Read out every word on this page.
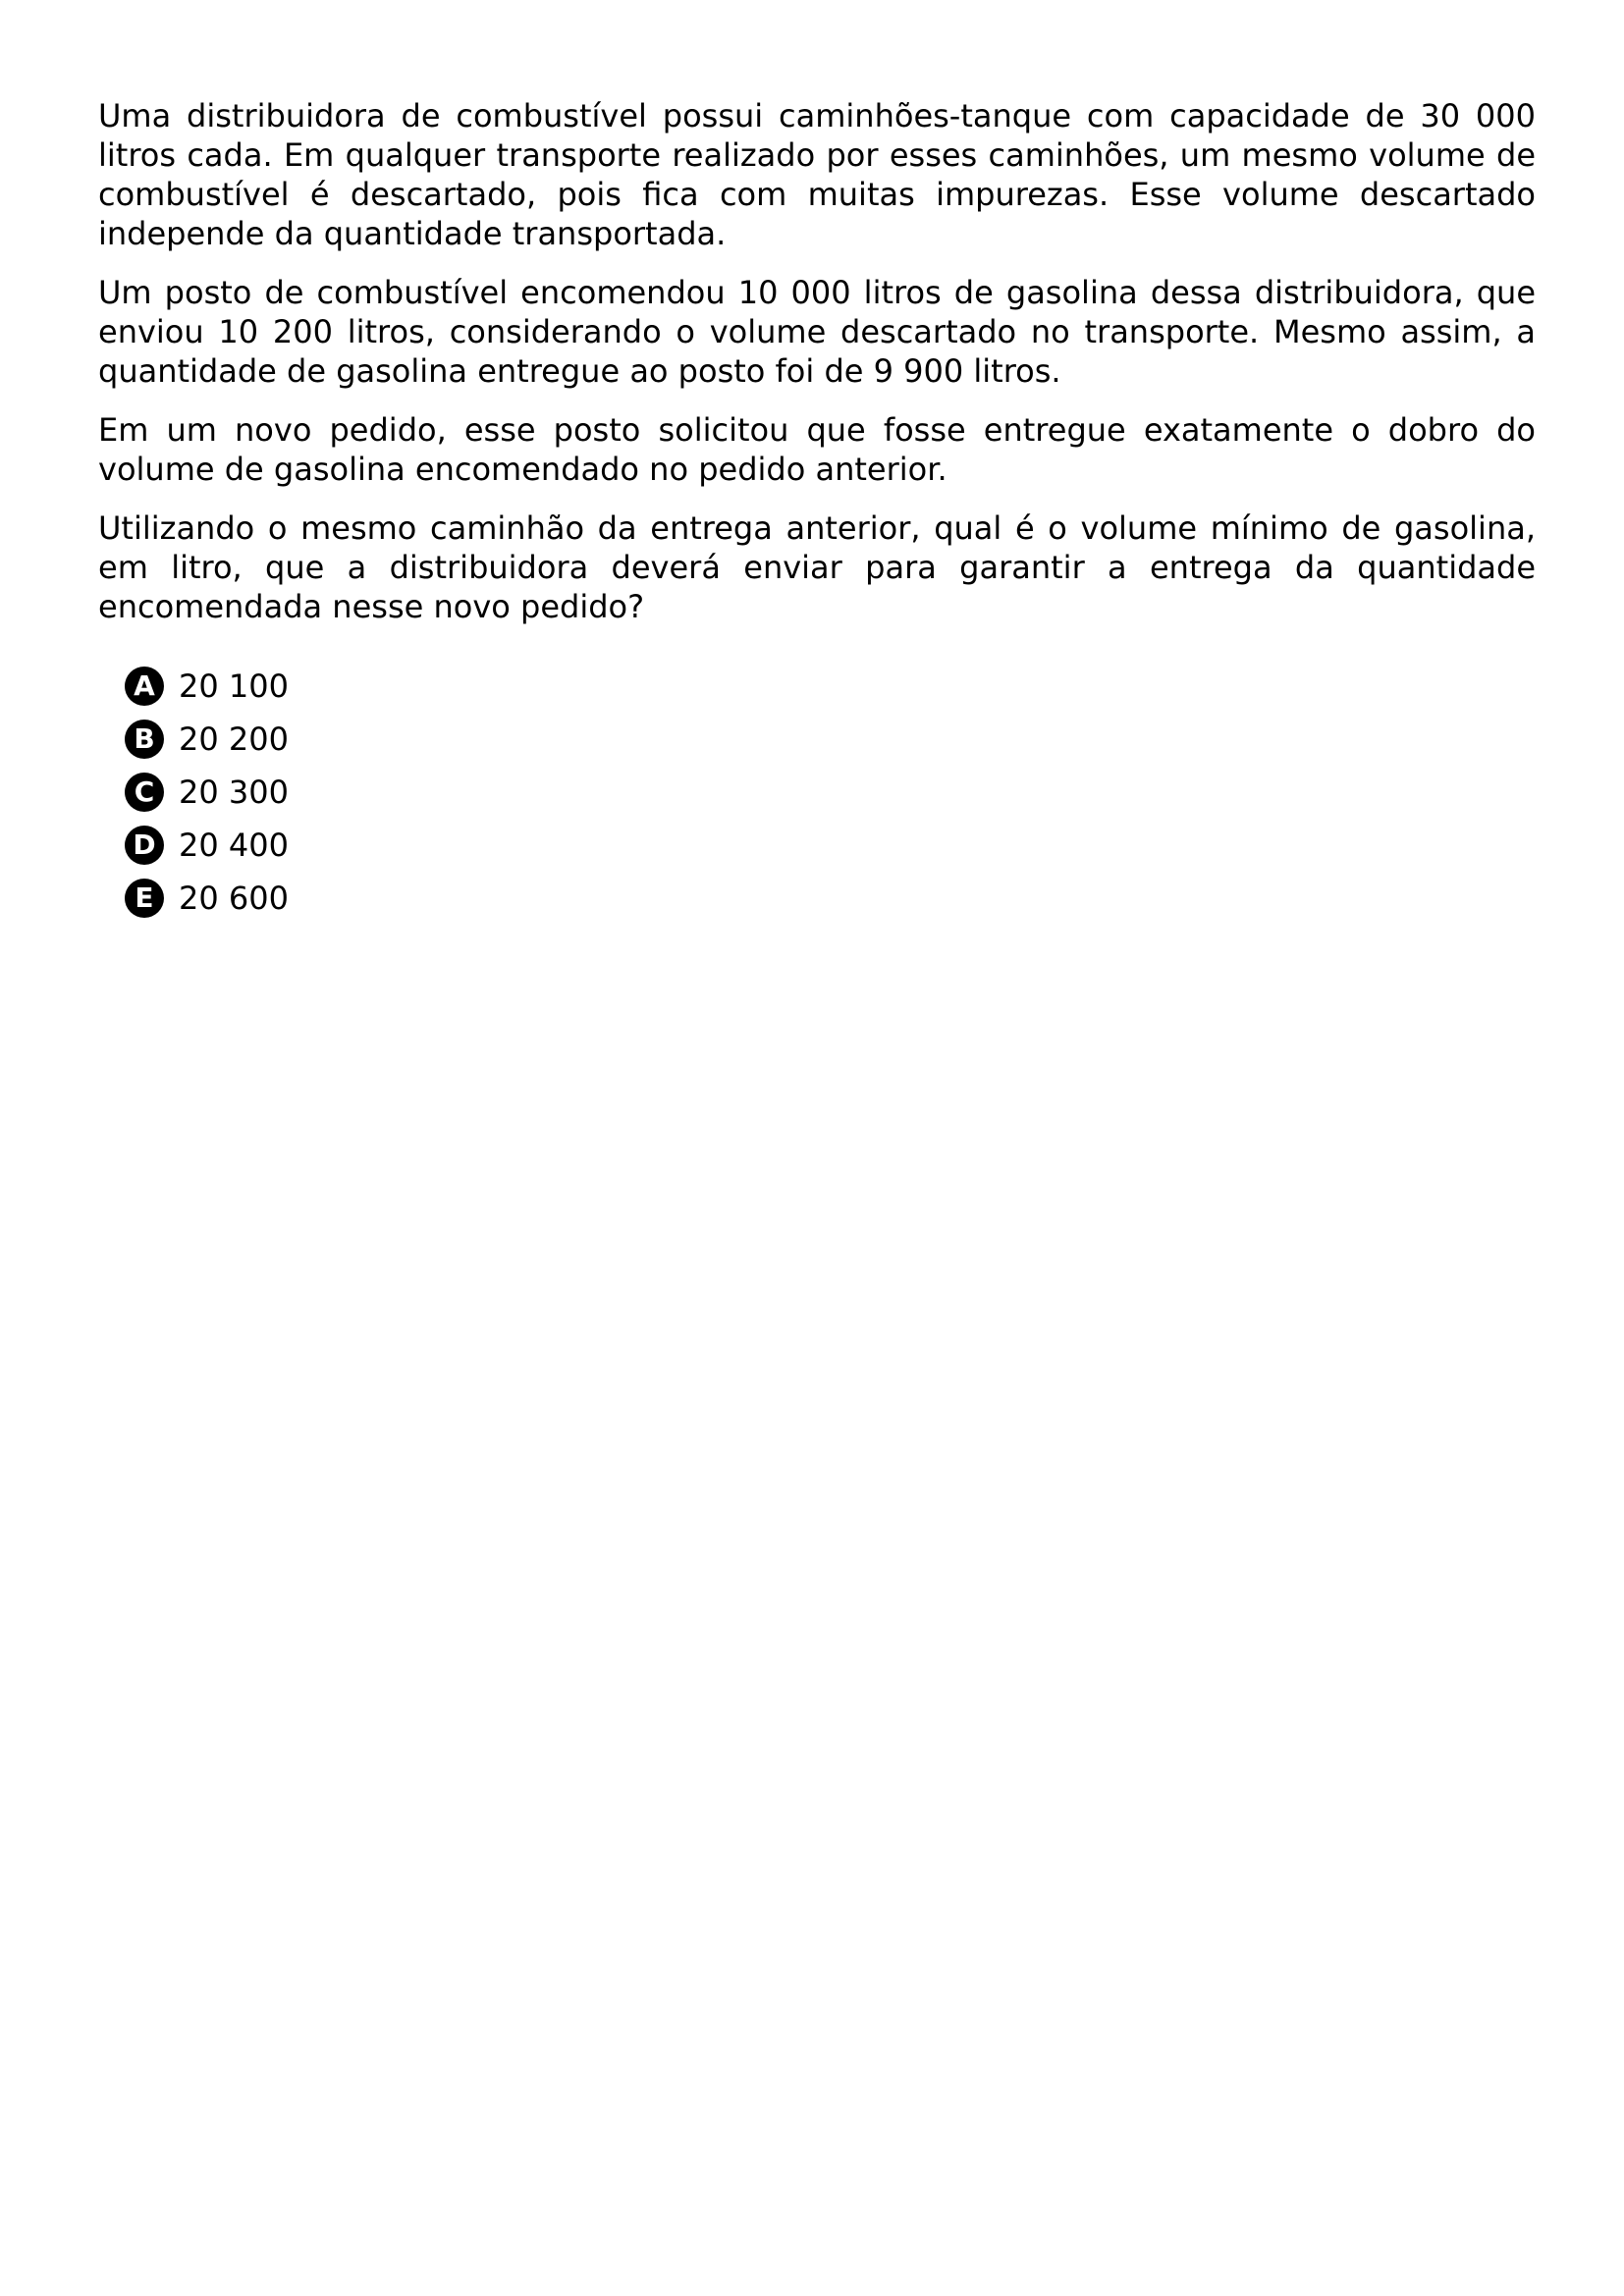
Uma distribuidora de combustível possui caminhões-tanque com capacidade de 30 000 litros cada. Em qualquer transporte realizado por esses caminhões, um mesmo volume de combustível é descartado, pois fica com muitas impurezas. Esse volume descartado independe da quantidade transportada.

Um posto de combustível encomendou 10 000 litros de gasolina dessa distribuidora, que enviou 10 200 litros, considerando o volume descartado no transporte. Mesmo assim, a quantidade de gasolina entregue ao posto foi de 9 900 litros.

Em um novo pedido, esse posto solicitou que fosse entregue exatamente o dobro do volume de gasolina encomendado no pedido anterior.

Utilizando o mesmo caminhão da entrega anterior, qual é o volume mínimo de gasolina, em litro, que a distribuidora deverá enviar para garantir a entrega da quantidade encomendada nesse novo pedido?

A 20 100
B 20 200
C 20 300
D 20 400
E 20 600
